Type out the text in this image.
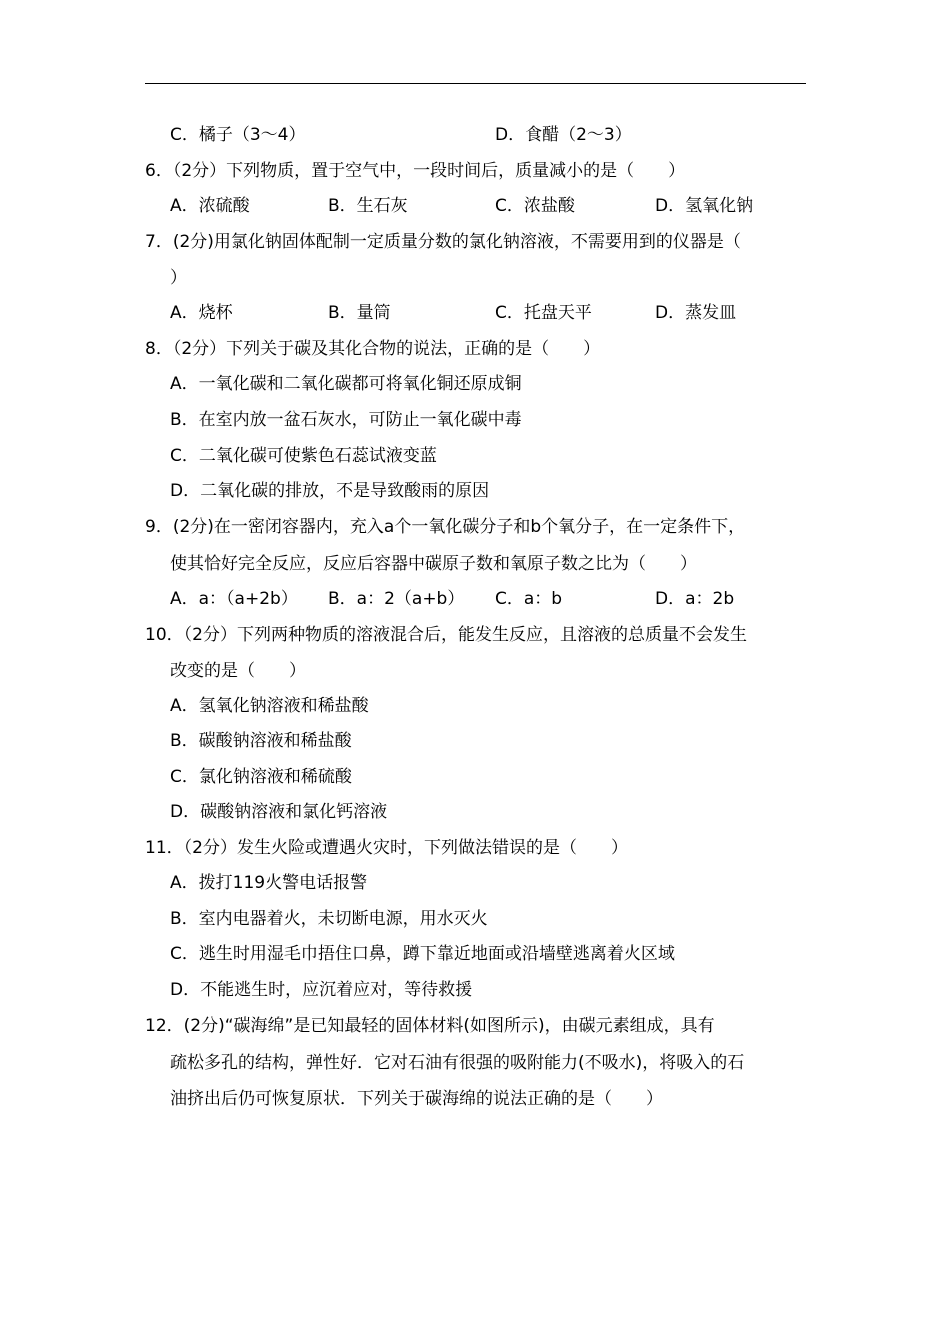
C．橘子（3～4）	D．食醋（2～3）
6．（2分）下列物质，置于空气中，一段时间后，质量减小的是（　　）
A．浓硫酸	B．生石灰	C．浓盐酸	D．氢氧化钠
7．(2分)用氯化钠固体配制一定质量分数的氯化钠溶液，不需要用到的仪器是（
）
A．烧杯	B．量筒	C．托盘天平	D．蒸发皿
8．（2分）下列关于碳及其化合物的说法，正确的是（　　）
A．一氧化碳和二氧化碳都可将氧化铜还原成铜
B．在室内放一盆石灰水，可防止一氧化碳中毒
C．二氧化碳可使紫色石蕊试液变蓝
D．二氧化碳的排放，不是导致酸雨的原因
9．(2分)在一密闭容器内，充入a个一氧化碳分子和b个氧分子，在一定条件下，
使其恰好完全反应，反应后容器中碳原子数和氧原子数之比为（　　）
A．a：（a+2b） B．a：2（a+b） C．a：b	D．a：2b
10．（2分）下列两种物质的溶液混合后，能发生反应，且溶液的总质量不会发生
改变的是（　　）
A．氢氧化钠溶液和稀盐酸
B．碳酸钠溶液和稀盐酸
C．氯化钠溶液和稀硫酸
D．碳酸钠溶液和氯化钙溶液
11．（2分）发生火险或遭遇火灾时，下列做法错误的是（　　）
A．拨打119火警电话报警
B．室内电器着火，未切断电源，用水灭火
C．逃生时用湿毛巾捂住口鼻，蹲下靠近地面或沿墙壁逃离着火区域
D．不能逃生时，应沉着应对，等待救援
12．(2分)“碳海绵”是已知最轻的固体材料(如图所示)，由碳元素组成，具有
疏松多孔的结构，弹性好．它对石油有很强的吸附能力(不吸水)，将吸入的石
油挤出后仍可恢复原状．下列关于碳海绵的说法正确的是（　　）
